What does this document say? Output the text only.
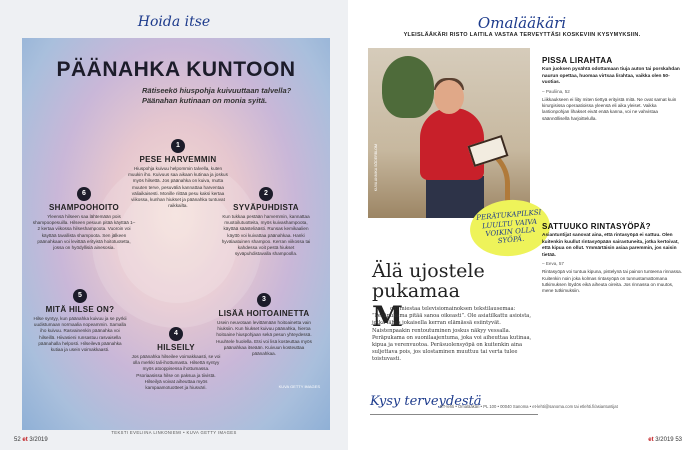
Hoida itse
PÄÄNAHKA KUNTOON
Rätiseekö hiuspohja kuivuuttaan talvella? Päänahan kutinaan on monia syitä.
1
PESE HARVEMMIN
Hiuspohja kuivuu helpommin talvella, kuten muukin iho. Kuivuus saa aikaan kutinaa ja joskus myös hilsettä. Jos päänahka on kuiva, mutta muuten terve, pesuväliä kannattaa harventaa väliaikaisesti. Monille riittää pesu kaksi kertaa viikossa, kunhan hiukset ja päänahka tuntuvat raikkailta.
2
SYVÄPUHDISTA
Kun tukkaa pestään harvemmin, kannattaa muotoilutuotteita, myös kuivashampoota, käyttää säästeliäästi. Runsas kemikaalien käyttö voi kuivattaa päänahkaa. Hanki hyvälaatuinen shampoo. Kerran viikossa tai kahdessa voit pestä hiukset syväpuhdistavalla shampoolla.
3
LISÄÄ HOITOAINETTA
Usein neuvotaan levittämään hoitoainetta vain hiuksiin. Kun hiukset kuivuu päänahka, hieroa hoitoaine hiuspohjaan sekä pesun yhteydessä. Huuhtele huolella. Etsi voi lisä kosteuttaa myös päänahkaa itseään. Kuivuun kosteuttaa päänahkaa.
4
HILSEILY
Jos päänahka hilseilee voimakkaasti, se voi olla merkki tali-ihottumasta. Hilsettä syntyy myös atooppisessa ihottumassa. Psoriaasissa hilse on paksua ja tiivistä. Hilseilyä voivat aiheuttaa myös kampaamotuotteet ja hiusväri.
5
MITÄ HILSE ON?
Hilse syntyy, kun päänahka kuivuu ja se pyrkii uudistumaan normaalia nopeammin. Samalla iho kuivuu. Rasvainenkin päänahka voi hilseillä. Hiivasieni runsastuu rasvaisella päänahalla helposti. Hilseilevä päänahka kutiaa ja usein voimakkaasti.
6
SHAMPOOHOITO
Yleensä hilseen saa lähtemään pois shampoopesuilla. Hilseen pesuun pitää käyttää 1–2 kertaa viikossa hilseshampoota. Vuoroin voi käyttää tavallista shampoota. Sen jälkeen päänahkaan voi levittää erityistä hoitotuotetta, jossa on hyödyllisiä ainesosia.
KUVA GETTY IMAGES
TEKSTI EVELIINA LINKONIEMI • KUVA GETTY IMAGES
52 et 3/2019
Omalääkäri
YLEISLÄÄKÄRI RISTO LAITILA VASTAA TERVEYTTÄSI KOSKEVIIN KYSYMYKSIIN.
KUVA ANNIKA SÖDERBLOM
PERÄTUKAPILKSI LUULTU VAIVA VOIKIN OLLA SYÖPÄ.
Älä ujostele pukamaa
M
oni miestaa televisiomainoksen tekstilausemaa: ”Peräpukama pitää sanoa oikeasti”. Ole asiatilkattu asioista, jotka lähes jokaisella kerran elämässä esiintyvät. Naistenpaakin rentoutuminen joskus näkyy vessalla. Peräpukama on suonilaajentuma, joka voi aiheuttaa kutinaa, kipua ja verenvuotoa. Peräsuolensyöpä on kuitenkin aina suljettava pois, jos ulostaminen muuttuu tai verta tulee toistuvasti.
Kysy terveydestä
ET-lehti • Omalääkäri • PL 100 • 00040 Sanoma • et-lehti@sanoma.com tai etlehti.fi/asiantuntijat
PISSA LIRAHTAA
Kun juoksen pysähtä odottamaan tiuja auton tai porskahdan naurun opettaa, huomaa virtsaa lirahtaa, vaikka olen 50-vuotias.
– Pauliina, 52
Liikkaukseen ei liity miten tiettyä erityistä mitä. Ne ovat samat kuin kirurgisissa operaatioissa yleensä eli aika yleiset. Vaikka lantionpohjan lihakset eivät enää kanna, voi ne vahvistaa säännöllisellä harjoittelulla.
SATTUUKO RINTASYÖPÄ?
Asiantuntijat sanovat aina, että rintasyöpä ei sattuu. Olen kuitenkin kuullut rintasyöpään sairastuneita, jotka kertoivat, että kipua on ollut. Ymmärtäisin asiaa paremmin, jos saisin tietää.
– Eeva, 57
Rintasyöpä voi tuntua kipuna, pistelynä tai painon tunteena rinnassa. Kuitenkin noin joka kolmas rintasyöpä on tunnustamattomana tutkimuksen löydös eikä aiheuta oireita. Jos rinnassa on muutos, mene tutkimuksiin.
et 3/2019 53
